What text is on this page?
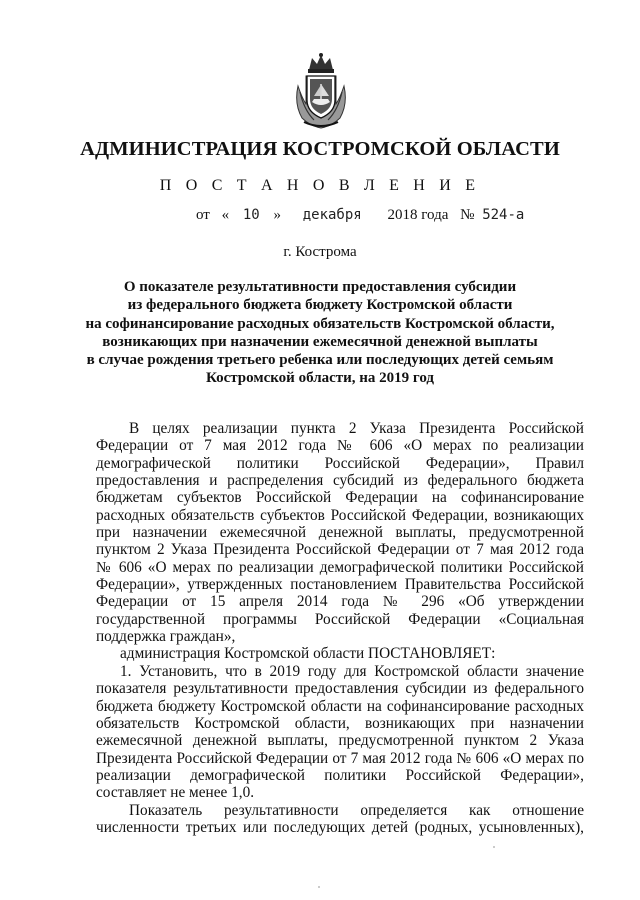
АДМИНИСТРАЦИЯ КОСТРОМСКОЙ ОБЛАСТИ
П О С Т А Н О В Л Е Н И Е
от « 10 » декабря 2018 года № 524-а
г. Кострома
О показателе результативности предоставления субсидии
из федерального бюджета бюджету Костромской области
на софинансирование расходных обязательств Костромской области,
возникающих при назначении ежемесячной денежной выплаты
в случае рождения третьего ребенка или последующих детей семьям
Костромской области, на 2019 год
В целях реализации пункта 2 Указа Президента Российской
Федерации от 7 мая 2012 года № 606 «О мерах по реализации
демографической политики Российской Федерации», Правил
предоставления и распределения субсидий из федерального бюджета
бюджетам субъектов Российской Федерации на софинансирование
расходных обязательств субъектов Российской Федерации, возникающих
при назначении ежемесячной денежной выплаты, предусмотренной
пунктом 2 Указа Президента Российской Федерации от 7 мая 2012 года
№ 606 «О мерах по реализации демографической политики Российской
Федерации», утвержденных постановлением Правительства Российской
Федерации от 15 апреля 2014 года № 296 «Об утверждении
государственной программы Российской Федерации «Социальная
поддержка граждан»,
администрация Костромской области ПОСТАНОВЛЯЕТ:
1. Установить, что в 2019 году для Костромской области значение
показателя результативности предоставления субсидии из федерального
бюджета бюджету Костромской области на софинансирование расходных
обязательств Костромской области, возникающих при назначении
ежемесячной денежной выплаты, предусмотренной пунктом 2 Указа
Президента Российской Федерации от 7 мая 2012 года № 606 «О мерах по
реализации демографической политики Российской Федерации»,
составляет не менее 1,0.
Показатель результативности определяется как отношение
численности третьих или последующих детей (родных, усыновленных),
